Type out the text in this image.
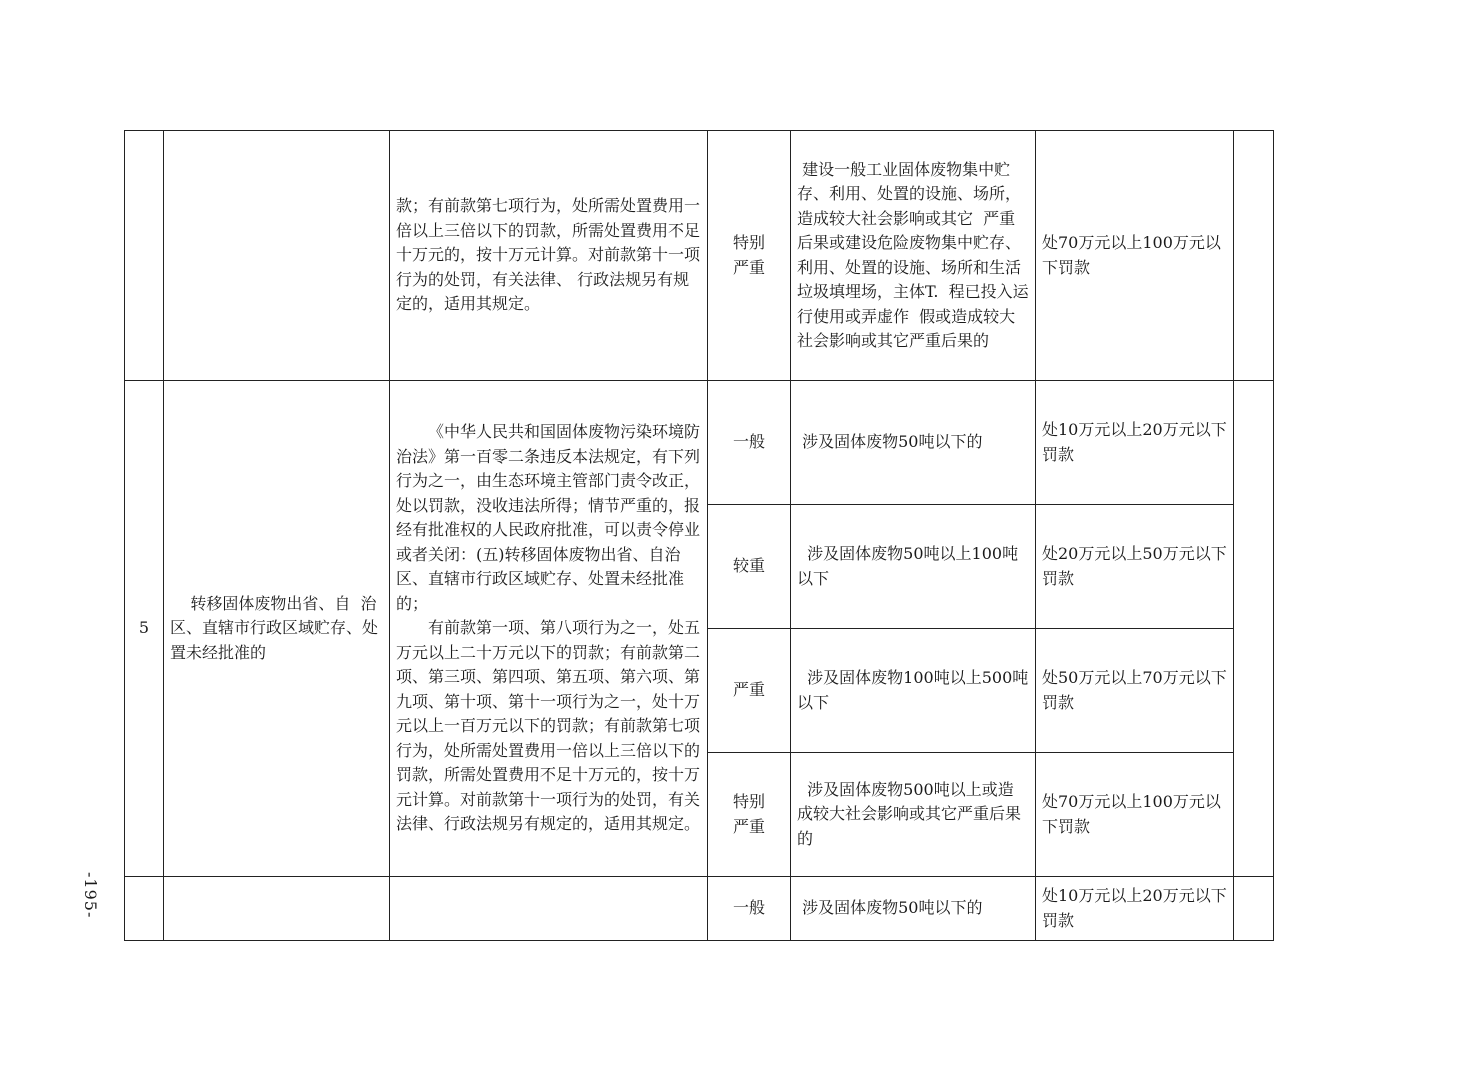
-195-
		款；有前款第七项行为，处所需处置费用一倍以上三倍以下的罚款，所需处置费用不足十万元的，按十万元计算。对前款第十一项行为的处罚，有关法律、 行政法规另有规定的，适用其规定。	特别
严重	建设一般工业固体废物集中贮存、利用、处置的设施、场所，造成较大社会影响或其它  严重后果或建设危险废物集中贮存、利用、处置的设施、场所和生活垃圾填埋场，主体T.  程已投入运行使用或弄虚作  假或造成较大社会影响或其它严重后果的	处70万元以上100万元以下罚款	
5	转移固体废物出省、自  治区、直辖市行政区域贮存、处置未经批准的	《中华人民共和国固体废物污染环境防治法》第一百零二条违反本法规定，有下列行为之一，由生态环境主管部门责令改正，处以罚款，没收违法所得；情节严重的，报经有批准权的人民政府批准，可以责令停业或者关闭：(五)转移固体废物出省、自治区、直辖市行政区域贮存、处置未经批准的；
有前款第一项、第八项行为之一，处五万元以上二十万元以下的罚款；有前款第二项、第三项、第四项、第五项、第六项、第九项、第十项、第十一项行为之一，处十万元以上一百万元以下的罚款；有前款第七项行为，处所需处置费用一倍以上三倍以下的罚款，所需处置费用不足十万元的，按十万元计算。对前款第十一项行为的处罚，有关法律、行政法规另有规定的，适用其规定。	一般	涉及固体废物50吨以下的	处10万元以上20万元以下罚款	
			较重	涉及固体废物50吨以上100吨以下	处20万元以上50万元以下罚款	
			严重	涉及固体废物100吨以上500吨以下	处50万元以上70万元以下罚款	
			特别
严重	涉及固体废物500吨以上或造成较大社会影响或其它严重后果的	处70万元以上100万元以下罚款	
			一般	涉及固体废物50吨以下的	处10万元以上20万元以下罚款	
